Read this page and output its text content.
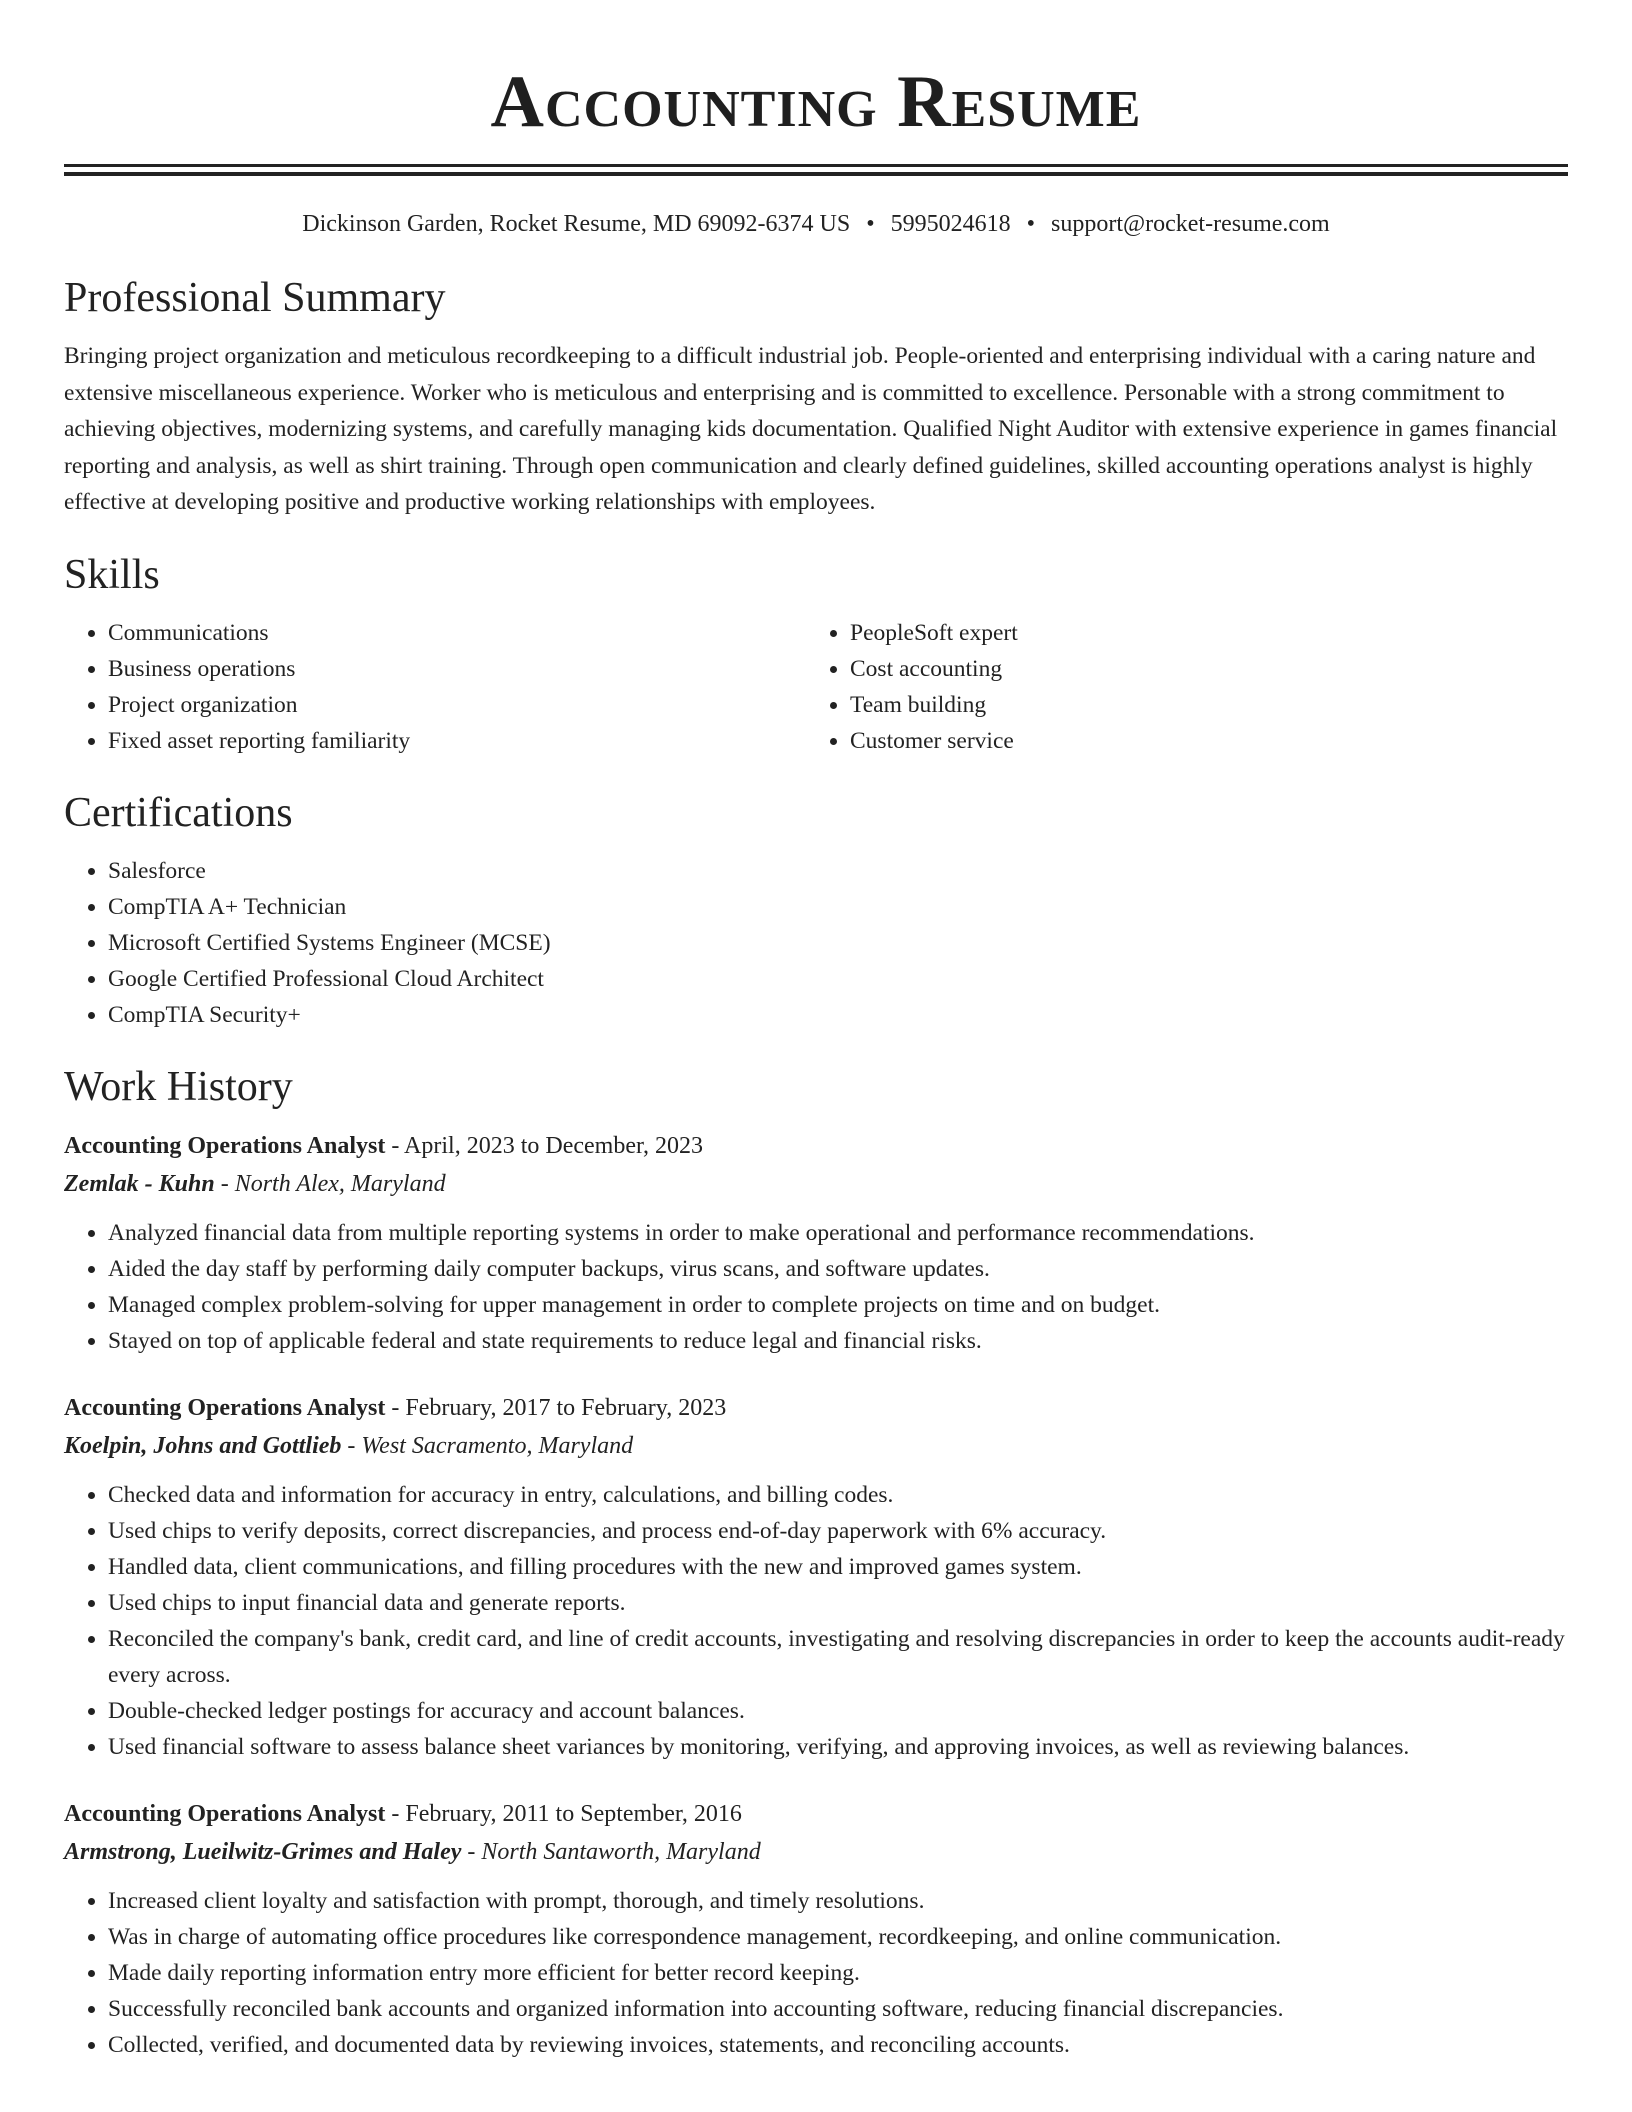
Accounting Resume
Dickinson Garden, Rocket Resume, MD 69092-6374 US • 5995024618 • support@rocket-resume.com
Professional Summary

Bringing project organization and meticulous recordkeeping to a difficult industrial job. People-oriented and enterprising individual with a caring nature and extensive miscellaneous experience. Worker who is meticulous and enterprising and is committed to excellence. Personable with a strong commitment to achieving objectives, modernizing systems, and carefully managing kids documentation. Qualified Night Auditor with extensive experience in games financial reporting and analysis, as well as shirt training. Through open communication and clearly defined guidelines, skilled accounting operations analyst is highly effective at developing positive and productive working relationships with employees.

Skills
• Communications
• Business operations
• Project organization
• Fixed asset reporting familiarity
• PeopleSoft expert
• Cost accounting
• Team building
• Customer service
Certifications
• Salesforce
• CompTIA A+ Technician
• Microsoft Certified Systems Engineer (MCSE)
• Google Certified Professional Cloud Architect
• CompTIA Security+
Work History
Accounting Operations Analyst - April, 2023 to December, 2023
Zemlak - Kuhn - North Alex, Maryland
• Analyzed financial data from multiple reporting systems in order to make operational and performance recommendations.
• Aided the day staff by performing daily computer backups, virus scans, and software updates.
• Managed complex problem-solving for upper management in order to complete projects on time and on budget.
• Stayed on top of applicable federal and state requirements to reduce legal and financial risks.
Accounting Operations Analyst - February, 2017 to February, 2023
Koelpin, Johns and Gottlieb - West Sacramento, Maryland
• Checked data and information for accuracy in entry, calculations, and billing codes.
• Used chips to verify deposits, correct discrepancies, and process end-of-day paperwork with 6% accuracy.
• Handled data, client communications, and filling procedures with the new and improved games system.
• Used chips to input financial data and generate reports.
• Reconciled the company's bank, credit card, and line of credit accounts, investigating and resolving discrepancies in order to keep the accounts audit-ready every across.
• Double-checked ledger postings for accuracy and account balances.
• Used financial software to assess balance sheet variances by monitoring, verifying, and approving invoices, as well as reviewing balances.
Accounting Operations Analyst - February, 2011 to September, 2016
Armstrong, Lueilwitz-Grimes and Haley - North Santaworth, Maryland
• Increased client loyalty and satisfaction with prompt, thorough, and timely resolutions.
• Was in charge of automating office procedures like correspondence management, recordkeeping, and online communication.
• Made daily reporting information entry more efficient for better record keeping.
• Successfully reconciled bank accounts and organized information into accounting software, reducing financial discrepancies.
• Collected, verified, and documented data by reviewing invoices, statements, and reconciling accounts.
